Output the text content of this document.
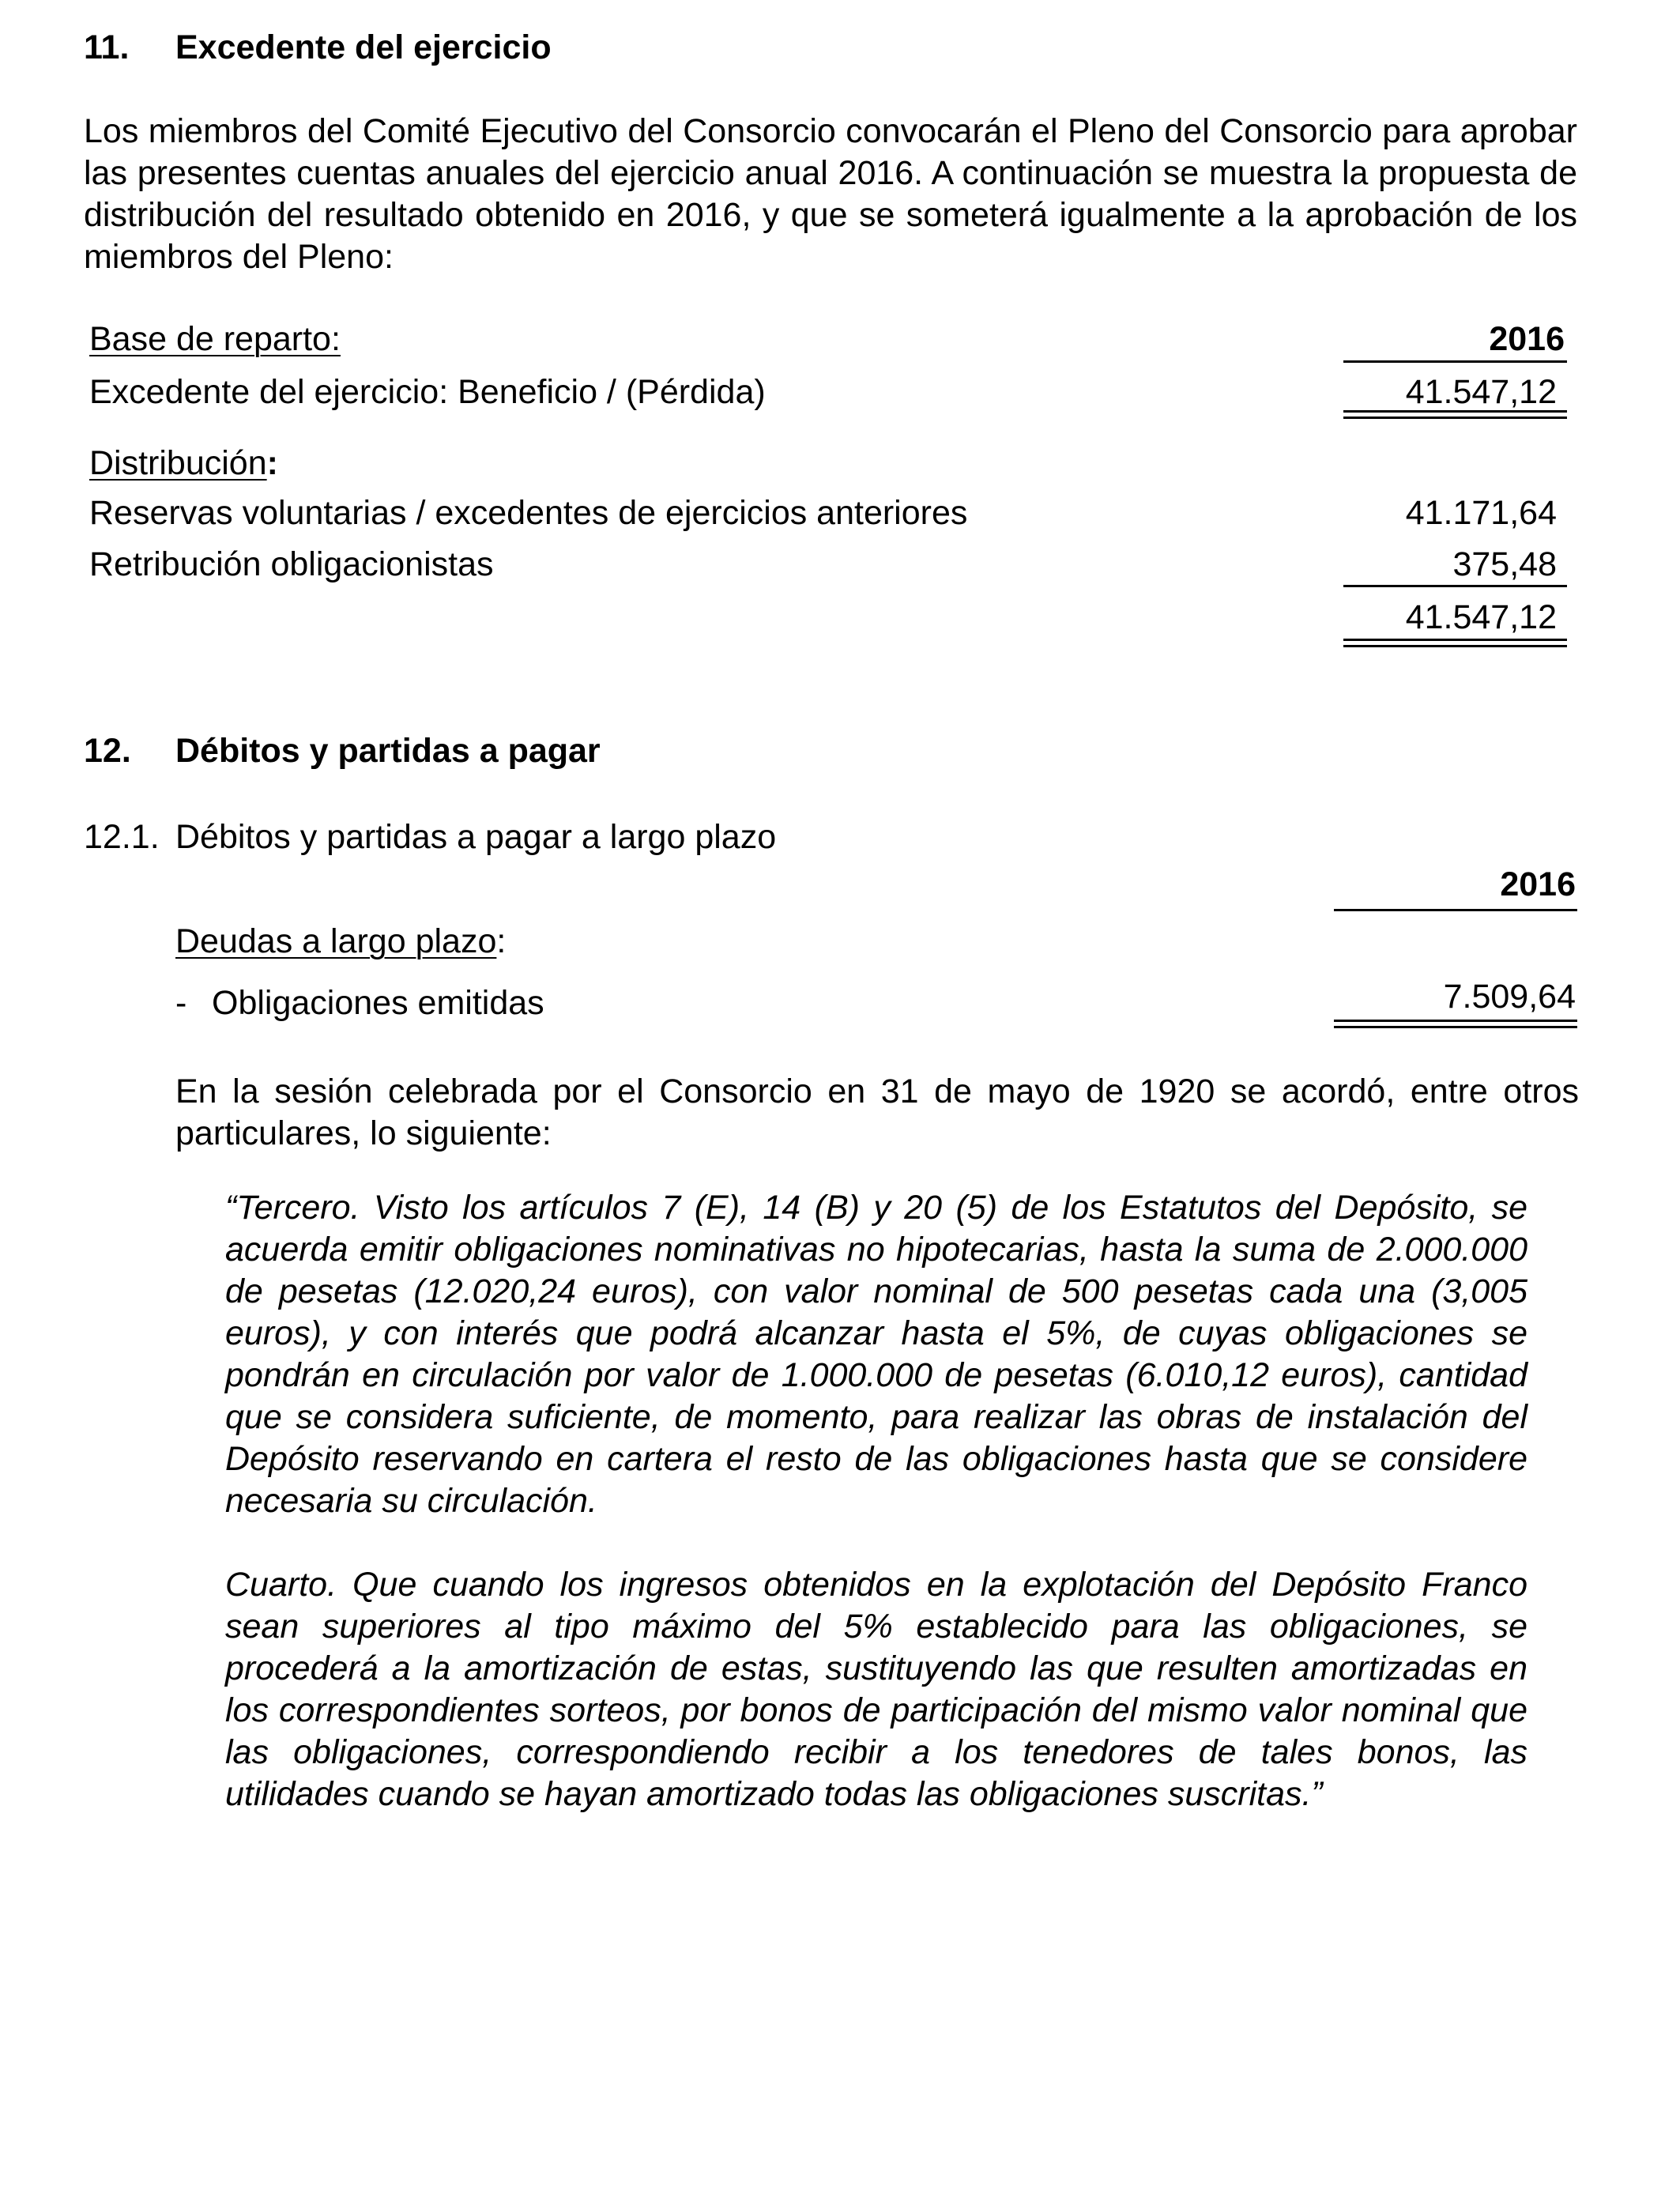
11. Excedente del ejercicio
Los miembros del Comité Ejecutivo del Consorcio convocarán el Pleno del Consorcio para aprobar las presentes cuentas anuales del ejercicio anual 2016. A continuación se muestra la propuesta de distribución del resultado obtenido en 2016, y que se someterá igualmente a la aprobación de los miembros del Pleno:
Base de reparto:	2016
Excedente del ejercicio: Beneficio / (Pérdida)	41.547,12
Distribución:
Reservas voluntarias / excedentes de ejercicios anteriores	41.171,64
Retribución obligacionistas	375,48
41.547,12
12. Débitos y partidas a pagar
12.1. Débitos y partidas a pagar a largo plazo
2016
Deudas a largo plazo:
- Obligaciones emitidas	7.509,64
En la sesión celebrada por el Consorcio en 31 de mayo de 1920 se acordó, entre otros particulares, lo siguiente:
“Tercero. Visto los artículos 7 (E), 14 (B) y 20 (5) de los Estatutos del Depósito, se acuerda emitir obligaciones nominativas no hipotecarias, hasta la suma de 2.000.000 de pesetas (12.020,24 euros), con valor nominal de 500 pesetas cada una (3,005 euros), y con interés que podrá alcanzar hasta el 5%, de cuyas obligaciones se pondrán en circulación por valor de 1.000.000 de pesetas (6.010,12 euros), cantidad que se considera suficiente, de momento, para realizar las obras de instalación del Depósito reservando en cartera el resto de las obligaciones hasta que se considere necesaria su circulación.
Cuarto. Que cuando los ingresos obtenidos en la explotación del Depósito Franco sean superiores al tipo máximo del 5% establecido para las obligaciones, se procederá a la amortización de estas, sustituyendo las que resulten amortizadas en los correspondientes sorteos, por bonos de participación del mismo valor nominal que las obligaciones, correspondiendo recibir a los tenedores de tales bonos, las utilidades cuando se hayan amortizado todas las obligaciones suscritas.”
